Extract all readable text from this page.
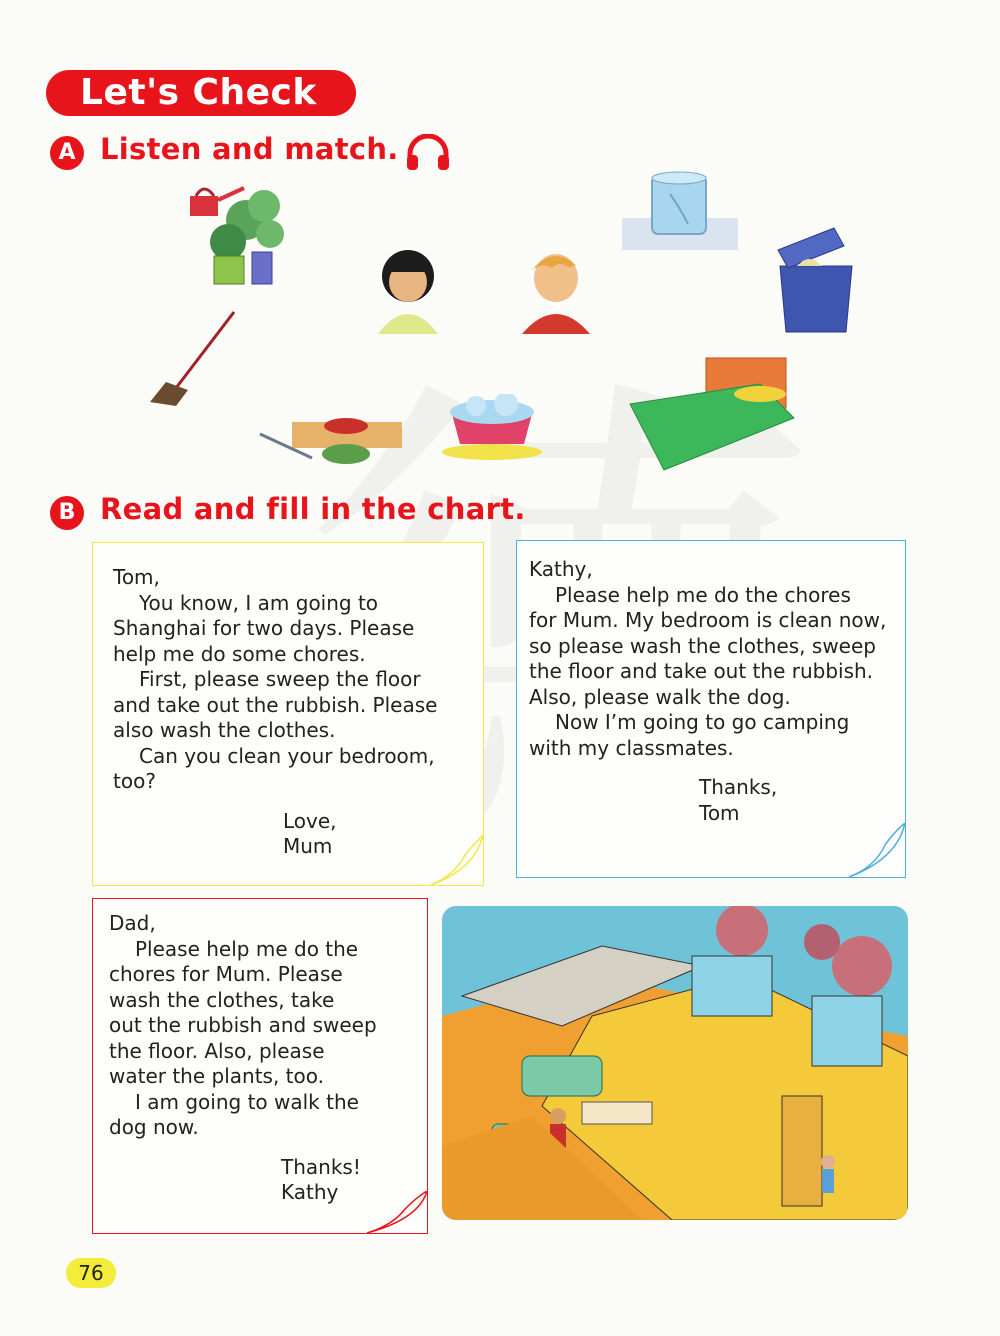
Let's Check
A Listen and match.
B Read and fill in the chart.
Tom,
You know, I am going to
Shanghai for two days. Please
help me do some chores.
First, please sweep the floor
and take out the rubbish. Please
also wash the clothes.
Can you clean your bedroom,
too?
Love,
Mum
Kathy,
Please help me do the chores
for Mum. My bedroom is clean now,
so please wash the clothes, sweep
the floor and take out the rubbish.
Also, please walk the dog.
Now I’m going to go camping
with my classmates.
Thanks,
Tom
Dad,
Please help me do the
chores for Mum. Please
wash the clothes, take
out the rubbish and sweep
the floor. Also, please
water the plants, too.
I am going to walk the
dog now.
Thanks!
Kathy
76
